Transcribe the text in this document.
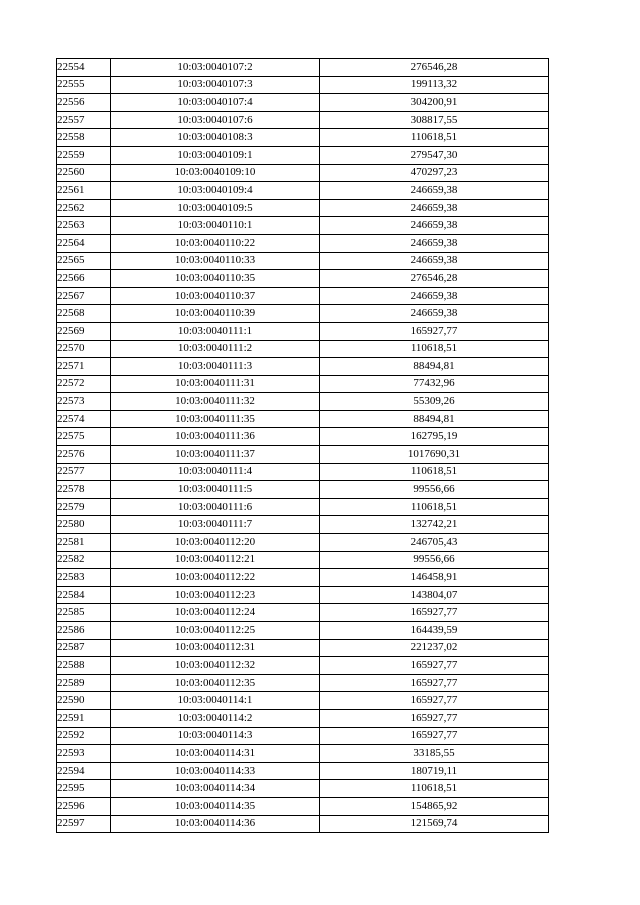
22554	10:03:0040107:2	276546,28
22555	10:03:0040107:3	199113,32
22556	10:03:0040107:4	304200,91
22557	10:03:0040107:6	308817,55
22558	10:03:0040108:3	110618,51
22559	10:03:0040109:1	279547,30
22560	10:03:0040109:10	470297,23
22561	10:03:0040109:4	246659,38
22562	10:03:0040109:5	246659,38
22563	10:03:0040110:1	246659,38
22564	10:03:0040110:22	246659,38
22565	10:03:0040110:33	246659,38
22566	10:03:0040110:35	276546,28
22567	10:03:0040110:37	246659,38
22568	10:03:0040110:39	246659,38
22569	10:03:0040111:1	165927,77
22570	10:03:0040111:2	110618,51
22571	10:03:0040111:3	88494,81
22572	10:03:0040111:31	77432,96
22573	10:03:0040111:32	55309,26
22574	10:03:0040111:35	88494,81
22575	10:03:0040111:36	162795,19
22576	10:03:0040111:37	1017690,31
22577	10:03:0040111:4	110618,51
22578	10:03:0040111:5	99556,66
22579	10:03:0040111:6	110618,51
22580	10:03:0040111:7	132742,21
22581	10:03:0040112:20	246705,43
22582	10:03:0040112:21	99556,66
22583	10:03:0040112:22	146458,91
22584	10:03:0040112:23	143804,07
22585	10:03:0040112:24	165927,77
22586	10:03:0040112:25	164439,59
22587	10:03:0040112:31	221237,02
22588	10:03:0040112:32	165927,77
22589	10:03:0040112:35	165927,77
22590	10:03:0040114:1	165927,77
22591	10:03:0040114:2	165927,77
22592	10:03:0040114:3	165927,77
22593	10:03:0040114:31	33185,55
22594	10:03:0040114:33	180719,11
22595	10:03:0040114:34	110618,51
22596	10:03:0040114:35	154865,92
22597	10:03:0040114:36	121569,74
